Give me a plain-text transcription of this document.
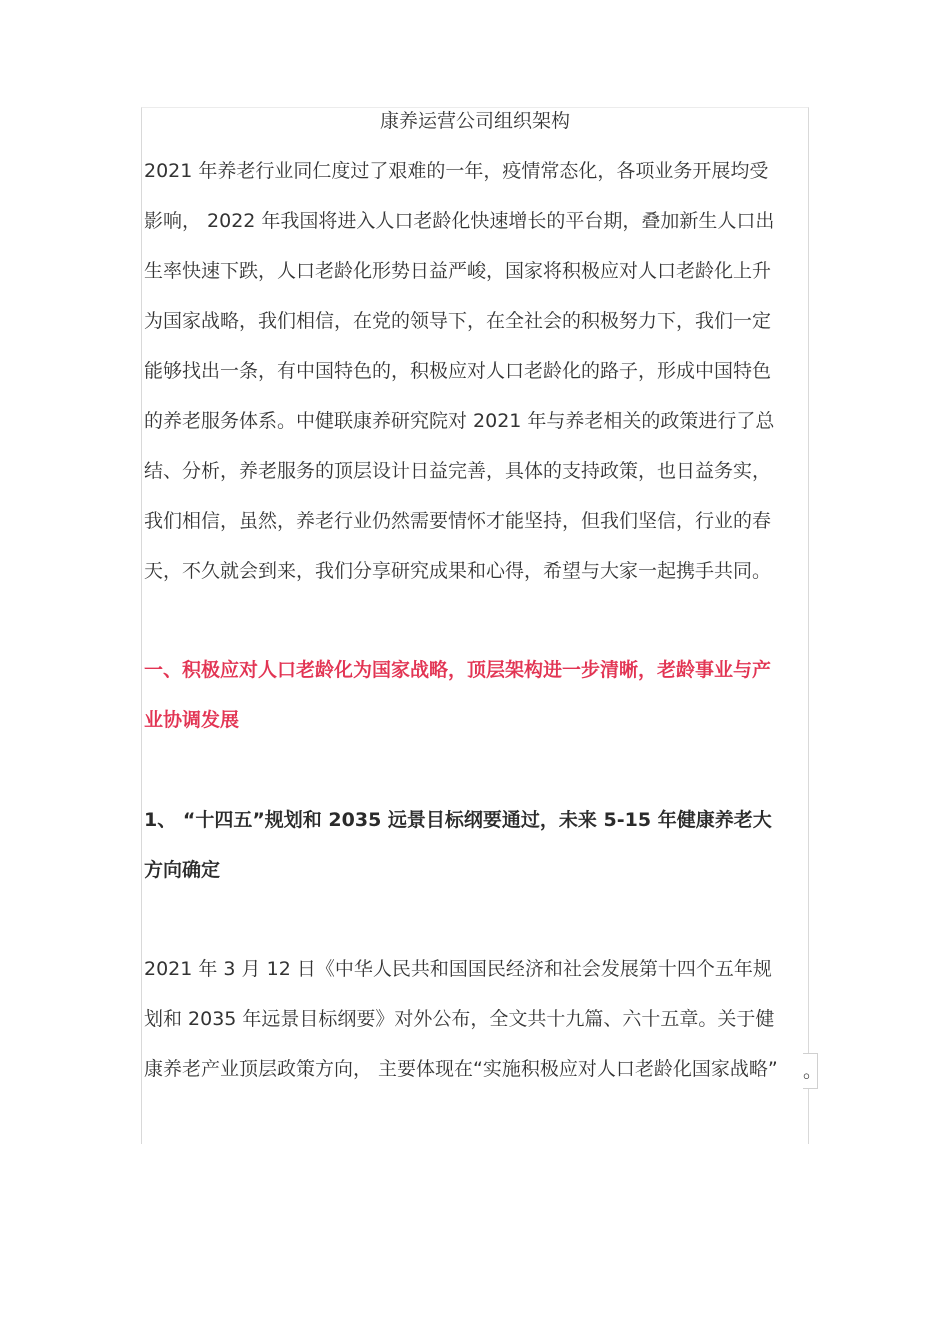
康养运营公司组织架构
2021 年养老行业同仁度过了艰难的一年，疫情常态化，各项业务开展均受
影响， 2022 年我国将进入人口老龄化快速增长的平台期，叠加新生人口出
生率快速下跌，人口老龄化形势日益严峻，国家将积极应对人口老龄化上升
为国家战略，我们相信，在党的领导下，在全社会的积极努力下，我们一定
能够找出一条，有中国特色的，积极应对人口老龄化的路子，形成中国特色
的养老服务体系。中健联康养研究院对 2021 年与养老相关的政策进行了总
结、分析，养老服务的顶层设计日益完善，具体的支持政策，也日益务实，
我们相信，虽然，养老行业仍然需要情怀才能坚持，但我们坚信，行业的春
天，不久就会到来，我们分享研究成果和心得，希望与大家一起携手共同。
一、积极应对人口老龄化为国家战略，顶层架构进一步清晰，老龄事业与产
业协调发展
1、 “十四五”规划和 2035 远景目标纲要通过，未来 5-15 年健康养老大
方向确定
2021 年 3 月 12 日《中华人民共和国国民经济和社会发展第十四个五年规
划和 2035 年远景目标纲要》对外公布，全文共十九篇、六十五章。关于健
康养老产业顶层政策方向， 主要体现在“实施积极应对人口老龄化国家战略” 。
